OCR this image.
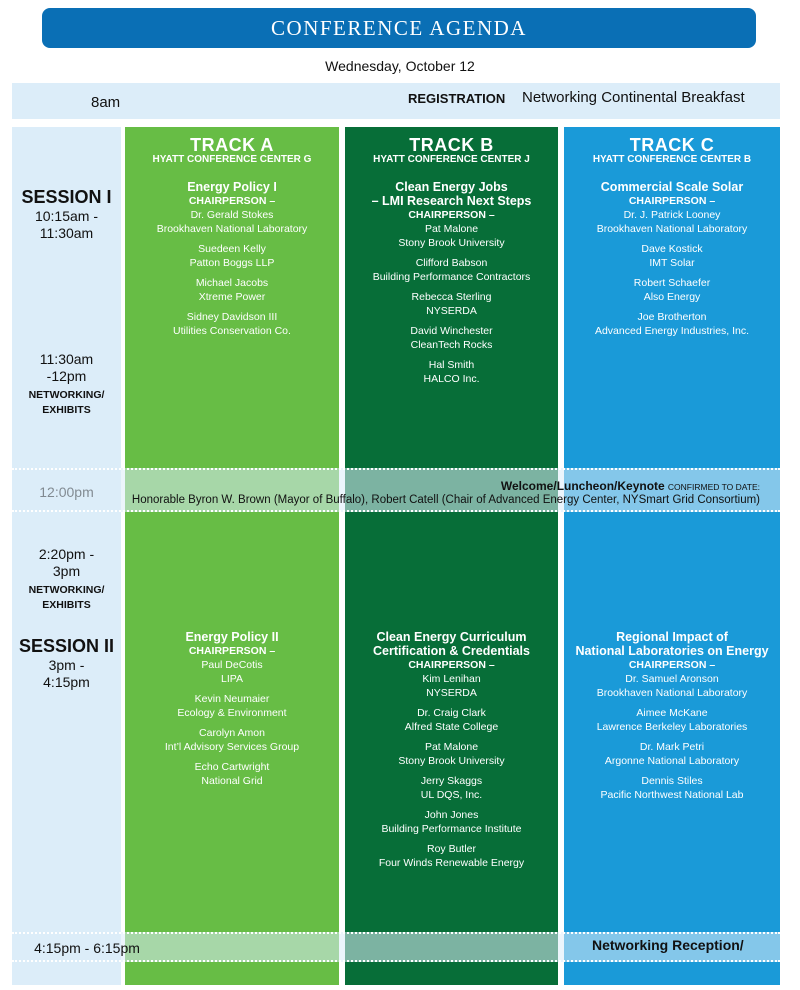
CONFERENCE AGENDA
Wednesday, October 12
8am	REGISTRATION Networking Continental Breakfast
SESSION I
10:15am -
11:30am
11:30am
-12pm
NETWORKING/
EXHIBITS
2:20pm -
3pm
NETWORKING/
EXHIBITS
SESSION II
3pm -
4:15pm
TRACK A
HYATT CONFERENCE CENTER G
Energy Policy I
CHAIRPERSON –
Dr. Gerald Stokes
Brookhaven National Laboratory
Suedeen Kelly
Patton Boggs LLP
Michael Jacobs
Xtreme Power
Sidney Davidson III
Utilities Conservation Co.
Energy Policy II
CHAIRPERSON –
Paul DeCotis
LIPA
Kevin Neumaier
Ecology & Environment
Carolyn Amon
Int’l Advisory Services Group
Echo Cartwright
National Grid
TRACK B
HYATT CONFERENCE CENTER J
Clean Energy Jobs
– LMI Research Next Steps
CHAIRPERSON –
Pat Malone
Stony Brook University
Clifford Babson
Building Performance Contractors
Rebecca Sterling
NYSERDA
David Winchester
CleanTech Rocks
Hal Smith
HALCO Inc.
Clean Energy Curriculum
Certification & Credentials
CHAIRPERSON –
Kim Lenihan
NYSERDA
Dr. Craig Clark
Alfred State College
Pat Malone
Stony Brook University
Jerry Skaggs
UL DQS, Inc.
John Jones
Building Performance Institute
Roy Butler
Four Winds Renewable Energy
TRACK C
HYATT CONFERENCE CENTER B
Commercial Scale Solar
CHAIRPERSON –
Dr. J. Patrick Looney
Brookhaven National Laboratory
Dave Kostick
IMT Solar
Robert Schaefer
Also Energy
Joe Brotherton
Advanced Energy Industries, Inc.
Regional Impact of
National Laboratories on Energy
CHAIRPERSON –
Dr. Samuel Aronson
Brookhaven National Laboratory
Aimee McKane
Lawrence Berkeley Laboratories
Dr. Mark Petri
Argonne National Laboratory
Dennis Stiles
Pacific Northwest National Lab
Welcome/Luncheon/Keynote CONFIRMED TO DATE:
Honorable Byron W. Brown (Mayor of Buffalo), Robert Catell (Chair of Advanced Energy Center, NYSmart Grid Consortium)
4:15pm - 6:15pm	Networking Reception/
